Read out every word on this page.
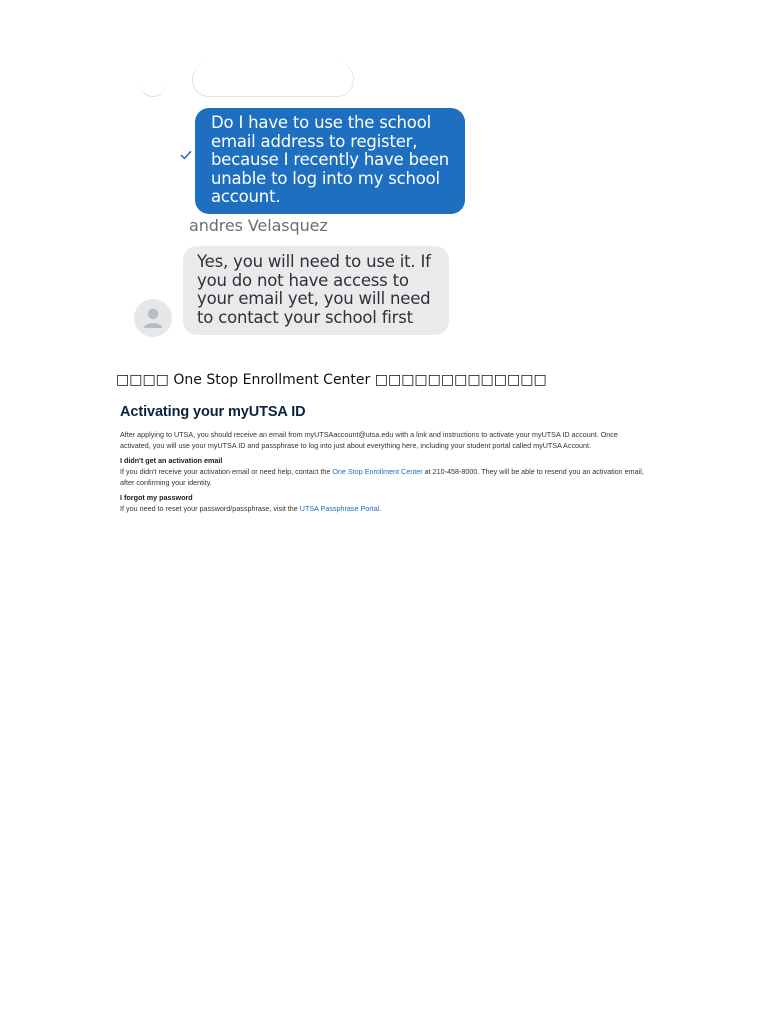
Do I have to use the school email address to register, because I recently have been unable to log into my school account.
andres Velasquez
Yes, you will need to use it. If you do not have access to your email yet, you will need to contact your school first
□□□□ One Stop Enrollment Center □□□□□□□□□□□□□
Activating your myUTSA ID

After applying to UTSA, you should receive an email from myUTSAaccount@utsa.edu with a link and instructions to activate your myUTSA ID account. Once activated, you will use your myUTSA ID and passphrase to log into just about everything here, including your student portal called myUTSA Account.

I didn't get an activation email

If you didn't receive your activation email or need help, contact the One Stop Enrollment Center at 210-458-8000. They will be able to resend you an activation email, after confirming your identity.

I forgot my password

If you need to reset your password/passphrase, visit the UTSA Passphrase Portal.
